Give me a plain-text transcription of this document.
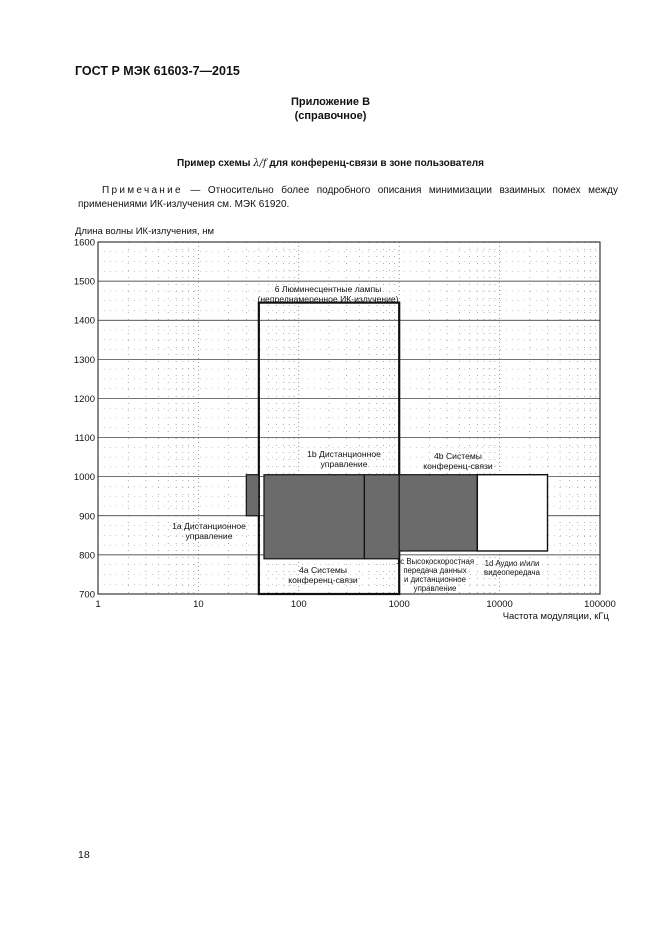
ГОСТ Р МЭК 61603-7—2015
Приложение В
(справочное)
Пример схемы λ/f для конференц-связи в зоне пользователя
Примечание — Относительно более подробного описания минимизации взаимных помех между применениями ИК-излучения см. МЭК 61920.
6 Люминесцентные лампы
(непреднамеренное ИК-излучение)
1a Дистанционное
управление
4a Системы
конференц-связи
1b Дистанционное
управление
1c Высокоскоростная
передача данных
и дистанционное
управление
4b Системы
конференц-связи
1d Аудио и/или
видеопередача
700
800
900
1000
1100
1200
1300
1400
1500
1600
1	10	100	1000	10000	100000
Длина волны ИК-излучения, нм
Частота модуляции, кГц
18
